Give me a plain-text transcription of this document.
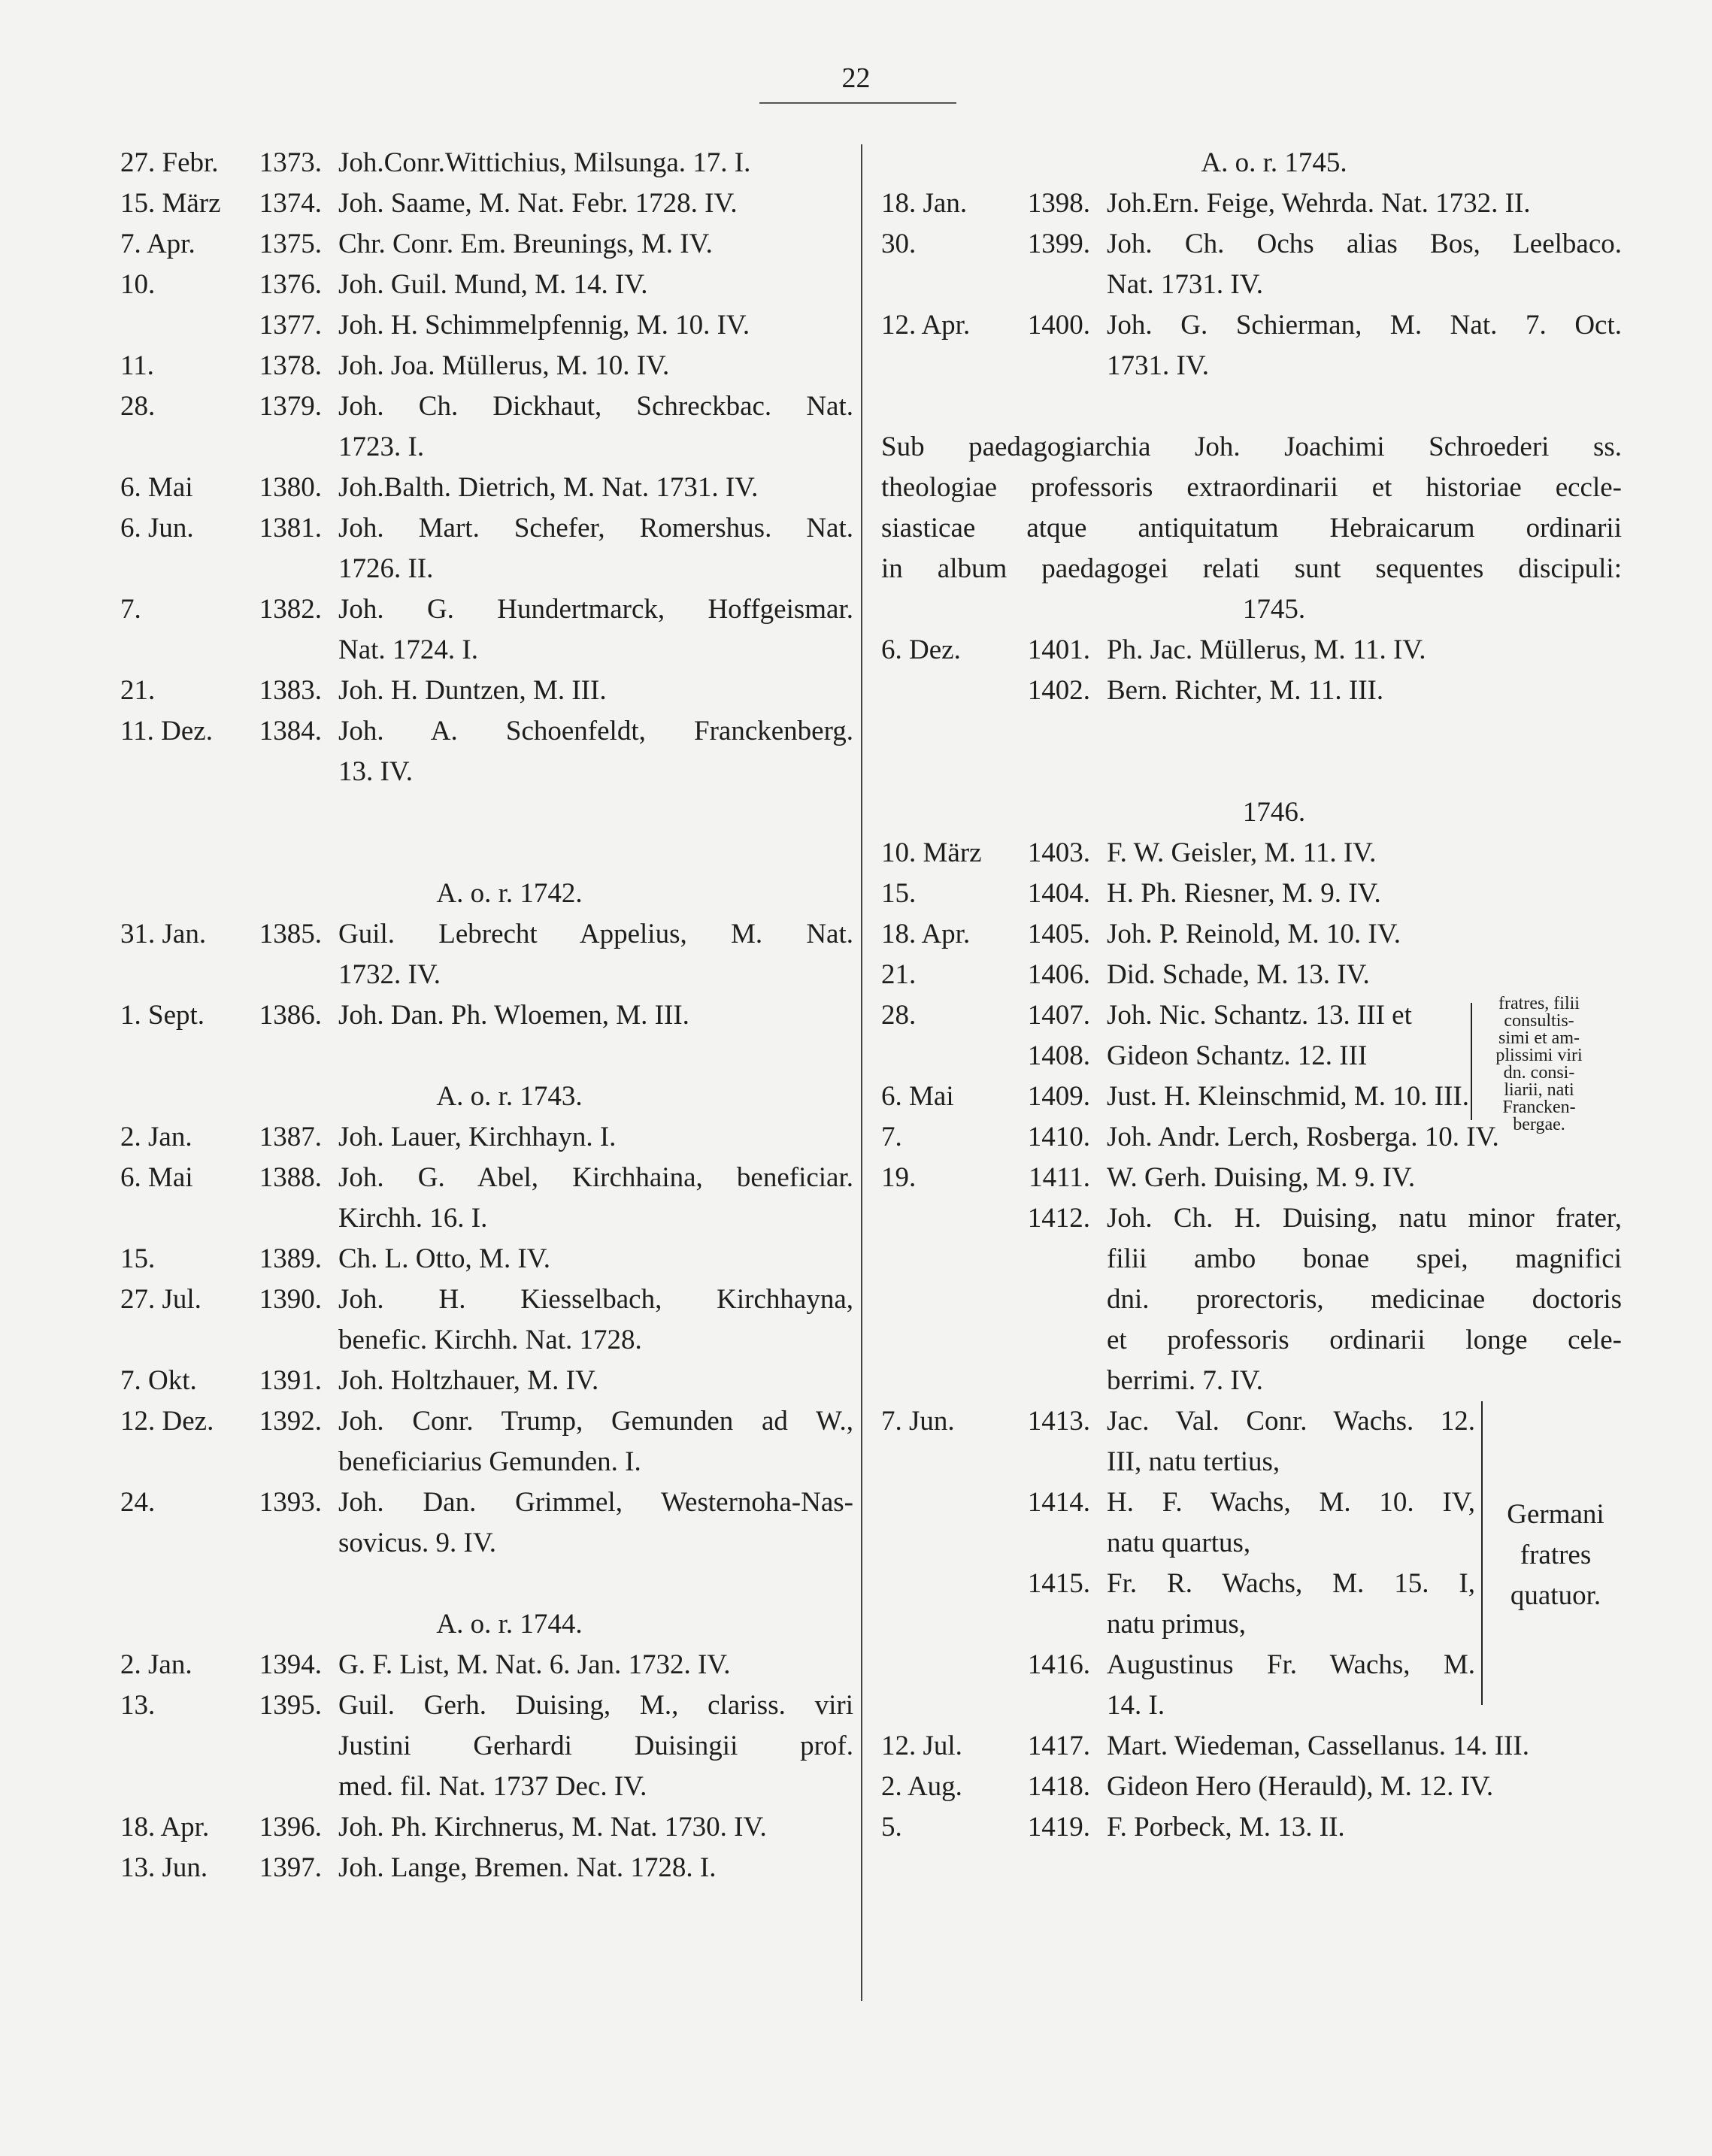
22
27. Febr.	1373. Joh.Conr.Wittichius, Milsunga. 17. I.
15. März	1374. Joh. Saame, M. Nat. Febr. 1728. IV.
7. Apr.	1375. Chr. Conr. Em. Breunings, M. IV.
10.	1376. Joh. Guil. Mund, M. 14. IV.
1377. Joh. H. Schimmelpfennig, M. 10. IV.
11.	1378. Joh. Joa. Müllerus, M. 10. IV.
28.	1379. Joh. Ch. Dickhaut, Schreckbac. Nat.
1723. I.
6. Mai	1380. Joh.Balth. Dietrich, M. Nat. 1731. IV.
6. Jun.	1381. Joh. Mart. Schefer, Romershus. Nat.
1726. II.
7.	1382. Joh. G. Hundertmarck, Hoffgeismar.
Nat. 1724. I.
21.	1383. Joh. H. Duntzen, M. III.
11. Dez.	1384. Joh. A. Schoenfeldt, Franckenberg.
13. IV.
A. o. r. 1742.
31. Jan.	1385. Guil. Lebrecht Appelius, M. Nat.
1732. IV.
1. Sept.	1386. Joh. Dan. Ph. Wloemen, M. III.
A. o. r. 1743.
2. Jan.	1387. Joh. Lauer, Kirchhayn. I.
6. Mai	1388. Joh. G. Abel, Kirchhaina, beneficiar.
Kirchh. 16. I.
15.	1389. Ch. L. Otto, M. IV.
27. Jul.	1390. Joh. H. Kiesselbach, Kirchhayna,
benefic. Kirchh. Nat. 1728.
7. Okt.	1391. Joh. Holtzhauer, M. IV.
12. Dez.	1392. Joh. Conr. Trump, Gemunden ad W.,
beneficiarius Gemunden. I.
24.	1393. Joh. Dan. Grimmel, Westernoha-Nas-
sovicus. 9. IV.
A. o. r. 1744.
2. Jan.	1394. G. F. List, M. Nat. 6. Jan. 1732. IV.
13.	1395. Guil. Gerh. Duising, M., clariss. viri
Justini Gerhardi Duisingii prof.
med. fil. Nat. 1737 Dec. IV.
18. Apr.	1396. Joh. Ph. Kirchnerus, M. Nat. 1730. IV.
13. Jun.	1397. Joh. Lange, Bremen. Nat. 1728. I.
A. o. r. 1745.
18. Jan.	1398. Joh.Ern. Feige, Wehrda. Nat. 1732. II.
30.	1399. Joh. Ch. Ochs alias Bos, Leelbaco.
Nat. 1731. IV.
12. Apr.	1400. Joh. G. Schierman, M. Nat. 7. Oct.
1731. IV.
Sub paedagogiarchia Joh. Joachimi Schroederi ss.
theologiae professoris extraordinarii et historiae eccle-
siasticae atque antiquitatum Hebraicarum ordinarii
in album paedagogei relati sunt sequentes discipuli:
1745.
6. Dez.	1401. Ph. Jac. Müllerus, M. 11. IV.
1402. Bern. Richter, M. 11. III.
1746.
10. März	1403. F. W. Geisler, M. 11. IV.
15.	1404. H. Ph. Riesner, M. 9. IV.
18. Apr.	1405. Joh. P. Reinold, M. 10. IV.
21.	1406. Did. Schade, M. 13. IV.
28.	1407. Joh. Nic. Schantz. 13. III et
1408. Gideon Schantz. 12. III
fratres, filii
consultis-
simi et am-
plissimi viri
dn. consi-
liarii, nati
Francken-
bergae.
6. Mai	1409. Just. H. Kleinschmid, M. 10. III.
7.	1410. Joh. Andr. Lerch, Rosberga. 10. IV.
19.	1411. W. Gerh. Duising, M. 9. IV.
1412. Joh. Ch. H. Duising, natu minor frater,
filii ambo bonae spei, magnifici
dni. prorectoris, medicinae doctoris
et professoris ordinarii longe cele-
berrimi. 7. IV.
7. Jun.	1413. Jac. Val. Conr. Wachs. 12.
III, natu tertius,
1414. H. F. Wachs, M. 10. IV,
natu quartus,
1415. Fr. R. Wachs, M. 15. I,
natu primus,
1416. Augustinus Fr. Wachs, M.
14. I.
Germani
fratres
quatuor.
12. Jul.	1417. Mart. Wiedeman, Cassellanus. 14. III.
2. Aug.	1418. Gideon Hero (Herauld), M. 12. IV.
5.	1419. F. Porbeck, M. 13. II.
